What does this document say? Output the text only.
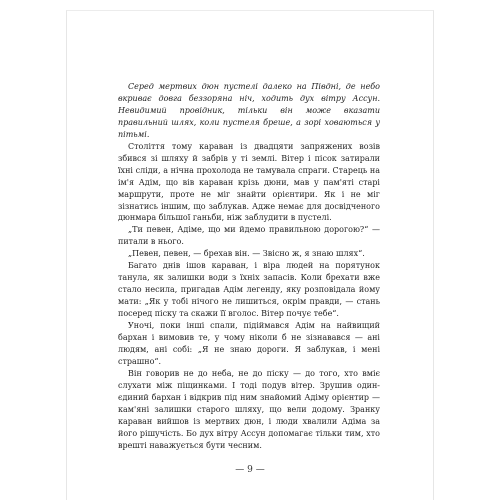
Серед мертвих дюн пустелі далеко на Півдні, де небо вкриває довга беззоряна ніч, ходить дух вітру Ассун. Невидимий провідник, тільки він може вказати правильний шлях, коли пустеля бреше, а зорі ховаються у пітьмі.

Століття тому караван із двадцяти запряжених возів збився зі шляху й забрів у ті землі. Вітер і пісок затирали їхні сліди, а нічна прохолода не тамувала спраги. Старець на ім'я Адім, що вів караван крізь дюни, мав у пам'яті старі маршрути, проте не міг знайти орієнтири. Як і не міг зізнатись іншим, що заблукав. Адже немає для досвідченого дюнмара більшої ганьби, ніж заблудити в пустелі.

„Ти певен, Адіме, що ми йдемо правильною дорогою?“ — питали в нього.

„Певен, певен, — брехав він. — Звісно ж, я знаю шлях“.

Багато днів ішов караван, і віра людей на порятунок танула, як залишки води з їхніх запасів. Коли брехати вже стало несила, пригадав Адім легенду, яку розповідала йому мати: „Як у тобі нічого не лишиться, окрім правди, — стань посеред піску та скажи її вголос. Вітер почує тебе“.

Уночі, поки інші спали, підіймався Адім на найвищий бархан і вимовив те, у чому ніколи б не зізнавався — ані людям, ані собі: „Я не знаю дороги. Я заблукав, і мені страшно“.

Він говорив не до неба, не до піску — до того, хто вміє слухати між піщинками. І тоді подув вітер. Зрушив один-єдиний бархан і відкрив під ним знайомий Адіму орієнтир — кам'яні залишки старого шляху, що вели додому. Зранку караван вийшов із мертвих дюн, і люди хвалили Адіма за його рішучість. Бо дух вітру Ассун допомагає тільки тим, хто врешті наважується бути чесним.

— 9 —
